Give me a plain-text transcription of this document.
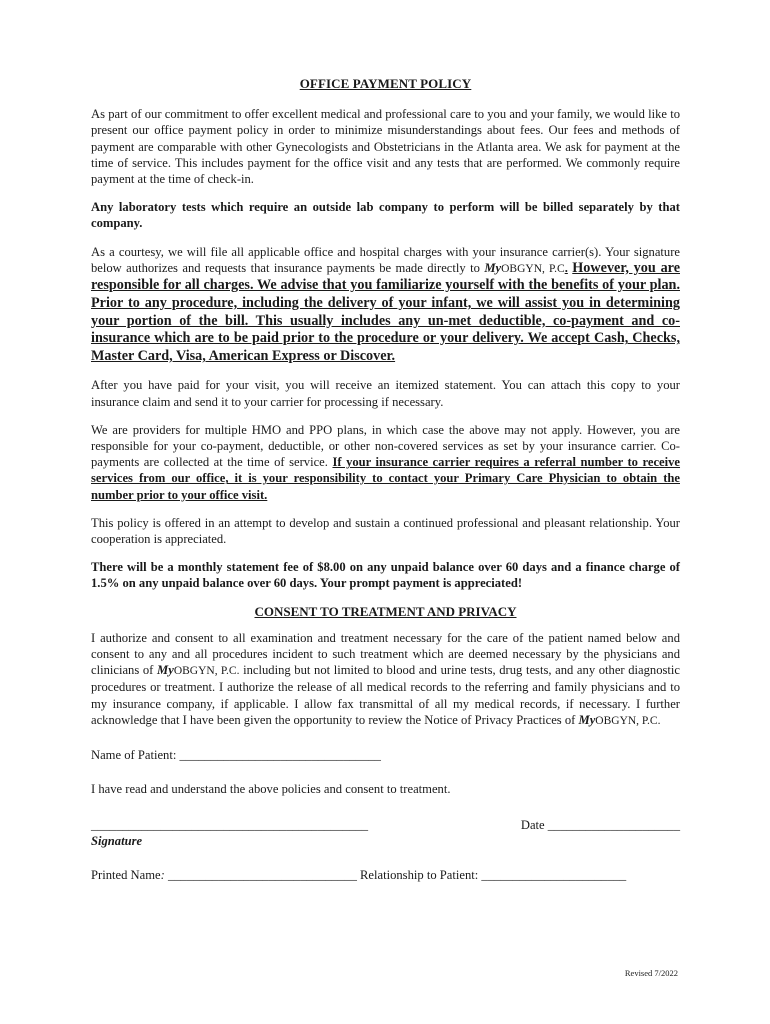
OFFICE PAYMENT POLICY

As part of our commitment to offer excellent medical and professional care to you and your family, we would like to present our office payment policy in order to minimize misunderstandings about fees. Our fees and methods of payment are comparable with other Gynecologists and Obstetricians in the Atlanta area. We ask for payment at the time of service. This includes payment for the office visit and any tests that are performed. We commonly require payment at the time of check-in.

Any laboratory tests which require an outside lab company to perform will be billed separately by that company.

As a courtesy, we will file all applicable office and hospital charges with your insurance carrier(s). Your signature below authorizes and requests that insurance payments be made directly to MyOBGYN, P.C. However, you are responsible for all charges. We advise that you familiarize yourself with the benefits of your plan. Prior to any procedure, including the delivery of your infant, we will assist you in determining your portion of the bill. This usually includes any un-met deductible, co-payment and co-insurance which are to be paid prior to the procedure or your delivery. We accept Cash, Checks, Master Card, Visa, American Express or Discover.

After you have paid for your visit, you will receive an itemized statement. You can attach this copy to your insurance claim and send it to your carrier for processing if necessary.

We are providers for multiple HMO and PPO plans, in which case the above may not apply. However, you are responsible for your co-payment, deductible, or other non-covered services as set by your insurance carrier. Co-payments are collected at the time of service. If your insurance carrier requires a referral number to receive services from our office, it is your responsibility to contact your Primary Care Physician to obtain the number prior to your office visit.

This policy is offered in an attempt to develop and sustain a continued professional and pleasant relationship. Your cooperation is appreciated.

There will be a monthly statement fee of $8.00 on any unpaid balance over 60 days and a finance charge of 1.5% on any unpaid balance over 60 days. Your prompt payment is appreciated!

CONSENT TO TREATMENT AND PRIVACY

I authorize and consent to all examination and treatment necessary for the care of the patient named below and consent to any and all procedures incident to such treatment which are deemed necessary by the physicians and clinicians of MyOBGYN, P.C. including but not limited to blood and urine tests, drug tests, and any other diagnostic procedures or treatment. I authorize the release of all medical records to the referring and family physicians and to my insurance company, if applicable. I allow fax transmittal of all my medical records, if necessary. I further acknowledge that I have been given the opportunity to review the Notice of Privacy Practices of MyOBGYN, P.C.

Name of Patient: ________________________________

I have read and understand the above policies and consent to treatment.

____________________________________________	Date _____________________

Signature

Printed Name: ______________________________ Relationship to Patient: _______________________

Revised 7/2022
